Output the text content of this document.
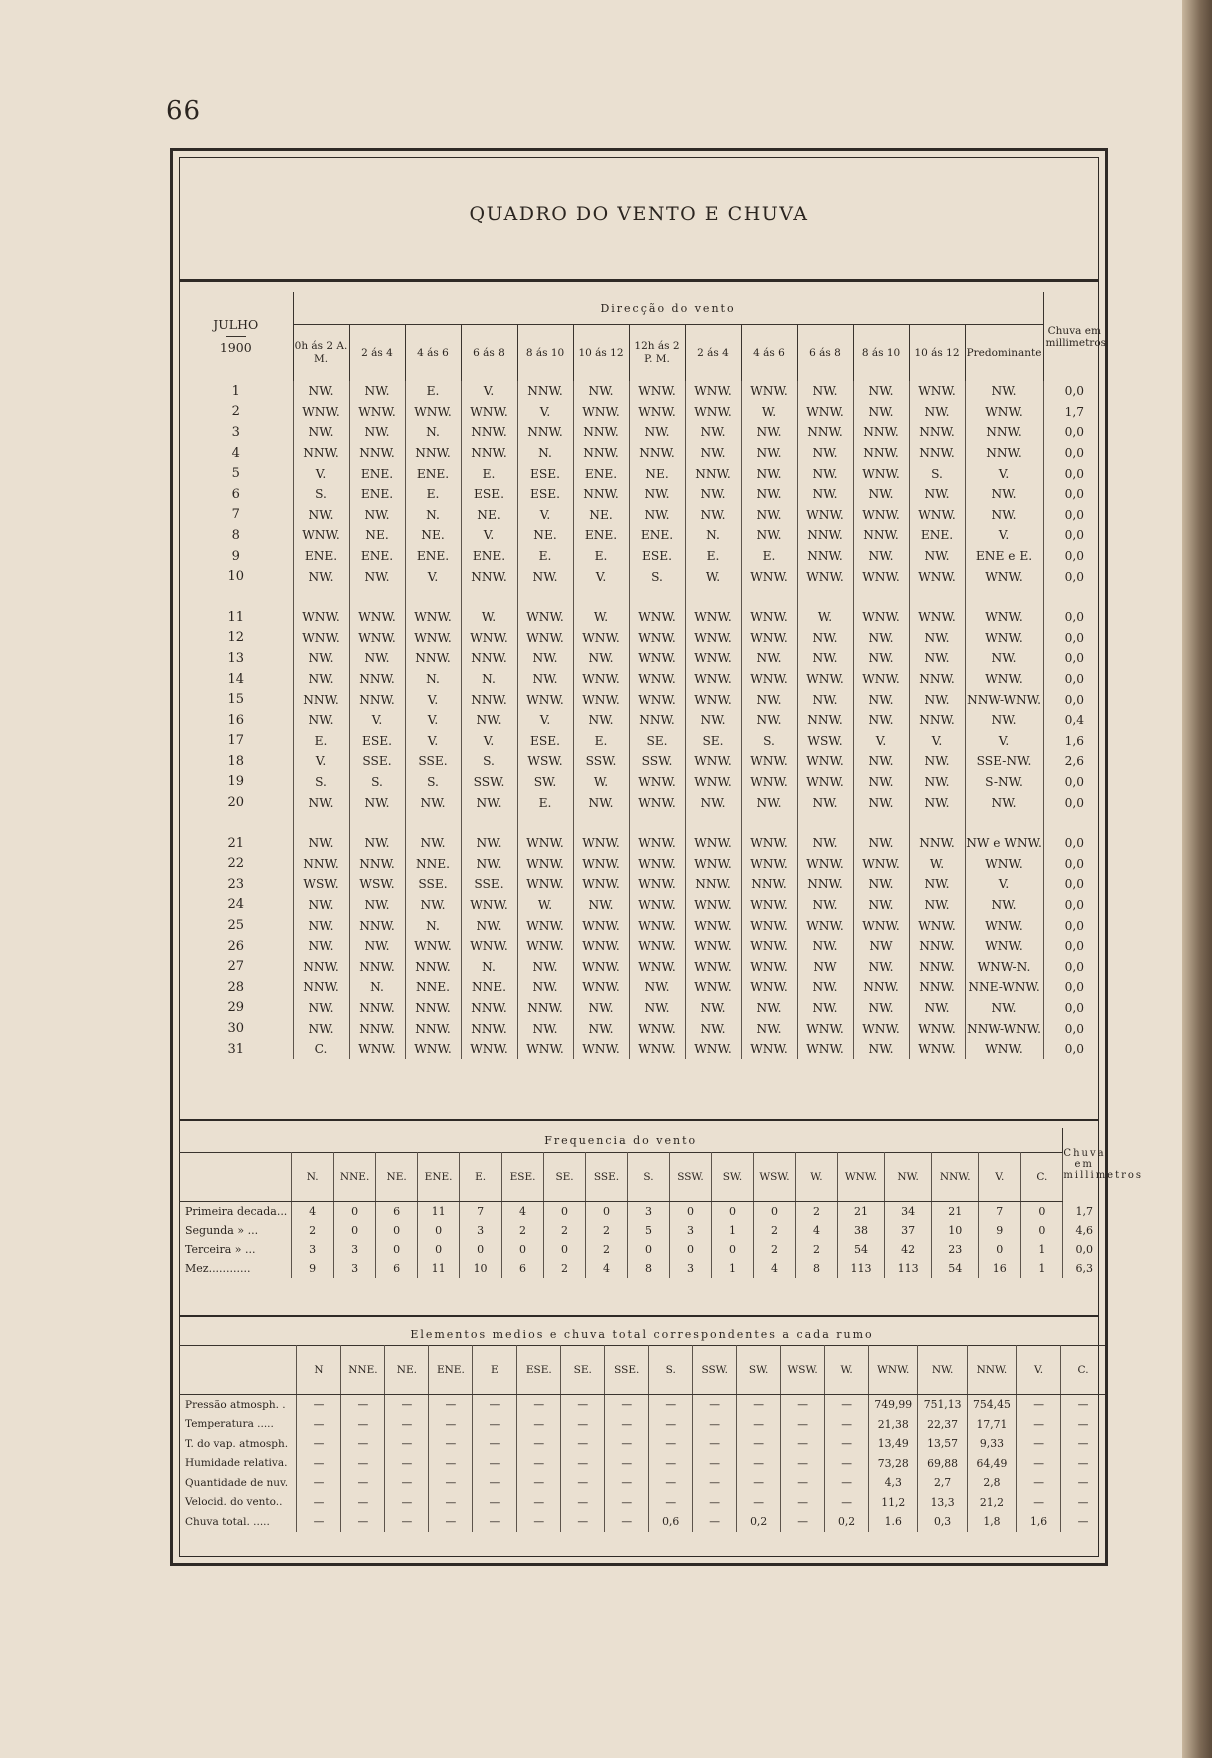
66
QUADRO DO VENTO E CHUVA
JULHO
1900	Direcção do vento													Chuva em millimetros
	0h ás 2 A. M.	2 ás 4	4 ás 6	6 ás 8	8 ás 10	10 ás 12	12h ás 2 P. M.	2 ás 4	4 ás 6	6 ás 8	8 ás 10	10 ás 12	Predominante	
1	NW.	NW.	E.	V.	NNW.	NW.	WNW.	WNW.	WNW.	NW.	NW.	WNW.	NW.	0,0
2	WNW.	WNW.	WNW.	WNW.	V.	WNW.	WNW.	WNW.	W.	WNW.	NW.	NW.	WNW.	1,7
3	NW.	NW.	N.	NNW.	NNW.	NNW.	NW.	NW.	NW.	NNW.	NNW.	NNW.	NNW.	0,0
4	NNW.	NNW.	NNW.	NNW.	N.	NNW.	NNW.	NW.	NW.	NW.	NNW.	NNW.	NNW.	0,0
5	V.	ENE.	ENE.	E.	ESE.	ENE.	NE.	NNW.	NW.	NW.	WNW.	S.	V.	0,0
6	S.	ENE.	E.	ESE.	ESE.	NNW.	NW.	NW.	NW.	NW.	NW.	NW.	NW.	0,0
7	NW.	NW.	N.	NE.	V.	NE.	NW.	NW.	NW.	WNW.	WNW.	WNW.	NW.	0,0
8	WNW.	NE.	NE.	V.	NE.	ENE.	ENE.	N.	NW.	NNW.	NNW.	ENE.	V.	0,0
9	ENE.	ENE.	ENE.	ENE.	E.	E.	ESE.	E.	E.	NNW.	NW.	NW.	ENE e E.	0,0
10	NW.	NW.	V.	NNW.	NW.	V.	S.	W.	WNW.	WNW.	WNW.	WNW.	WNW.	0,0

11	WNW.	WNW.	WNW.	W.	WNW.	W.	WNW.	WNW.	WNW.	W.	WNW.	WNW.	WNW.	0,0
12	WNW.	WNW.	WNW.	WNW.	WNW.	WNW.	WNW.	WNW.	WNW.	NW.	NW.	NW.	WNW.	0,0
13	NW.	NW.	NNW.	NNW.	NW.	NW.	WNW.	WNW.	NW.	NW.	NW.	NW.	NW.	0,0
14	NW.	NNW.	N.	N.	NW.	WNW.	WNW.	WNW.	WNW.	WNW.	WNW.	NNW.	WNW.	0,0
15	NNW.	NNW.	V.	NNW.	WNW.	WNW.	WNW.	WNW.	NW.	NW.	NW.	NW.	NNW-WNW.	0,0
16	NW.	V.	V.	NW.	V.	NW.	NNW.	NW.	NW.	NNW.	NW.	NNW.	NW.	0,4
17	E.	ESE.	V.	V.	ESE.	E.	SE.	SE.	S.	WSW.	V.	V.	V.	1,6
18	V.	SSE.	SSE.	S.	WSW.	SSW.	SSW.	WNW.	WNW.	WNW.	NW.	NW.	SSE-NW.	2,6
19	S.	S.	S.	SSW.	SW.	W.	WNW.	WNW.	WNW.	WNW.	NW.	NW.	S-NW.	0,0
20	NW.	NW.	NW.	NW.	E.	NW.	WNW.	NW.	NW.	NW.	NW.	NW.	NW.	0,0

21	NW.	NW.	NW.	NW.	WNW.	WNW.	WNW.	WNW.	WNW.	NW.	NW.	NNW.	NW e WNW.	0,0
22	NNW.	NNW.	NNE.	NW.	WNW.	WNW.	WNW.	WNW.	WNW.	WNW.	WNW.	W.	WNW.	0,0
23	WSW.	WSW.	SSE.	SSE.	WNW.	WNW.	WNW.	NNW.	NNW.	NNW.	NW.	NW.	V.	0,0
24	NW.	NW.	NW.	WNW.	W.	NW.	WNW.	WNW.	WNW.	NW.	NW.	NW.	NW.	0,0
25	NW.	NNW.	N.	NW.	WNW.	WNW.	WNW.	WNW.	WNW.	WNW.	WNW.	WNW.	WNW.	0,0
26	NW.	NW.	WNW.	WNW.	WNW.	WNW.	WNW.	WNW.	WNW.	NW.	NW	NNW.	WNW.	0,0
27	NNW.	NNW.	NNW.	N.	NW.	WNW.	WNW.	WNW.	WNW.	NW	NW.	NNW.	WNW-N.	0,0
28	NNW.	N.	NNE.	NNE.	NW.	WNW.	NW.	WNW.	WNW.	NW.	NNW.	NNW.	NNE-WNW.	0,0
29	NW.	NNW.	NNW.	NNW.	NNW.	NW.	NW.	NW.	NW.	NW.	NW.	NW.	NW.	0,0
30	NW.	NNW.	NNW.	NNW.	NW.	NW.	WNW.	NW.	NW.	WNW.	WNW.	WNW.	NNW-WNW.	0,0
31	C.	WNW.	WNW.	WNW.	WNW.	WNW.	WNW.	WNW.	WNW.	WNW.	NW.	WNW.	WNW.	0,0
Frequencia do vento																			Chuva em millimetros
	N.	NNE.	NE.	ENE.	E.	ESE.	SE.	SSE.	S.	SSW.	SW.	WSW.	W.	WNW.	NW.	NNW.	V.	C.	
Primeira decada...	4	0	6	11	7	4	0	0	3	0	0	0	2	21	34	21	7	0	1,7
Segunda » ...	2	0	0	0	3	2	2	2	5	3	1	2	4	38	37	10	9	0	4,6
Terceira » ...	3	3	0	0	0	0	0	2	0	0	0	2	2	54	42	23	0	1	0,0
Mez............	9	3	6	11	10	6	2	4	8	3	1	4	8	113	113	54	16	1	6,3
Elementos medios e chuva total correspondentes a cada rumo																		
	N	NNE.	NE.	ENE.	E	ESE.	SE.	SSE.	S.	SSW.	SW.	WSW.	W.	WNW.	NW.	NNW.	V.	C.
Pressão atmosph. .	—	—	—	—	—	—	—	—	—	—	—	—	—	749,99	751,13	754,45	—	—
Temperatura .....	—	—	—	—	—	—	—	—	—	—	—	—	—	21,38	22,37	17,71	—	—
T. do vap. atmosph.	—	—	—	—	—	—	—	—	—	—	—	—	—	13,49	13,57	9,33	—	—
Humidade relativa.	—	—	—	—	—	—	—	—	—	—	—	—	—	73,28	69,88	64,49	—	—
Quantidade de nuv.	—	—	—	—	—	—	—	—	—	—	—	—	—	4,3	2,7	2,8	—	—
Velocid. do vento..	—	—	—	—	—	—	—	—	—	—	—	—	—	11,2	13,3	21,2	—	—
Chuva total. .....	—	—	—	—	—	—	—	—	0,6	—	0,2	—	0,2	1.6	0,3	1,8	1,6	—
